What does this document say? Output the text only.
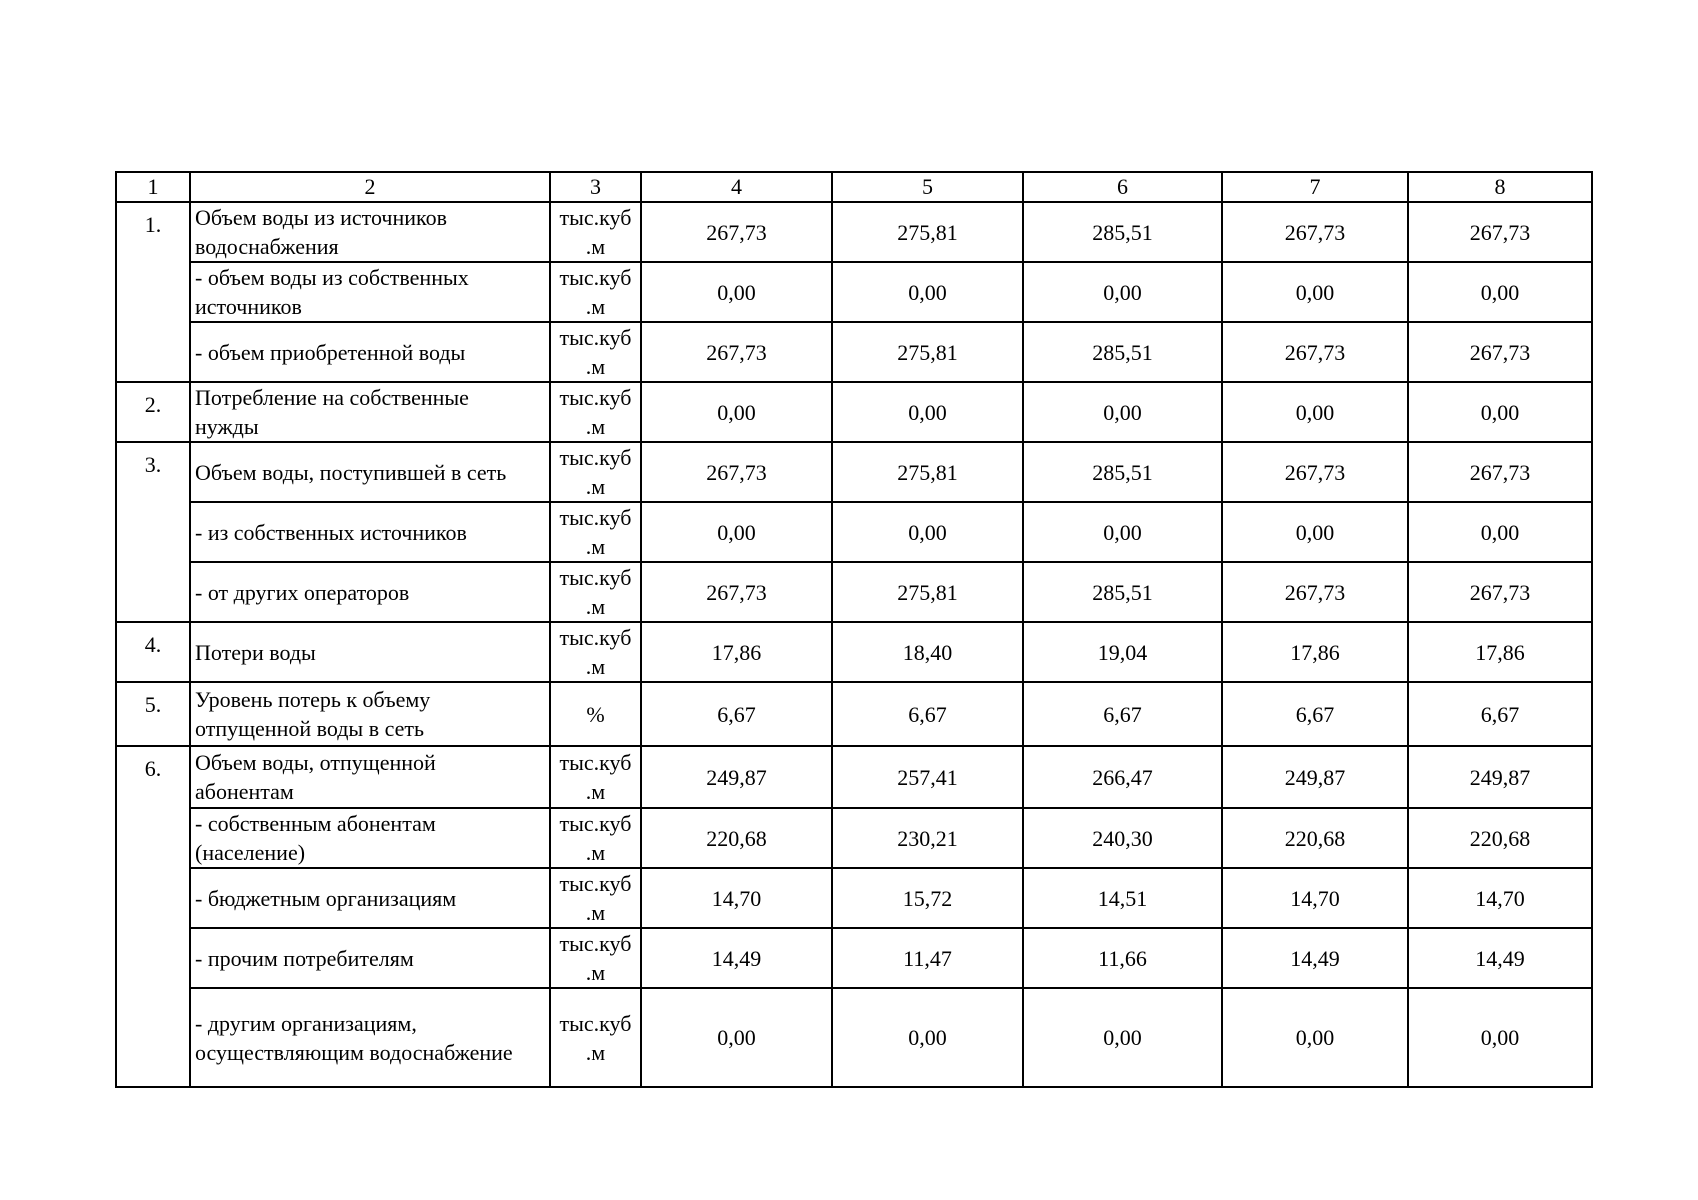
1	2	3	4	5	6	7	8
1.	Объем воды из источников
водоснабжения	тыс.куб
.м	267,73	275,81	285,51	267,73	267,73
	- объем воды из собственных
источников	тыс.куб
.м	0,00	0,00	0,00	0,00	0,00
	- объем приобретенной воды	тыс.куб
.м	267,73	275,81	285,51	267,73	267,73
2.	Потребление на собственные
нужды	тыс.куб
.м	0,00	0,00	0,00	0,00	0,00
3.	Объем воды, поступившей в сеть	тыс.куб
.м	267,73	275,81	285,51	267,73	267,73
	- из собственных источников	тыс.куб
.м	0,00	0,00	0,00	0,00	0,00
	- от других операторов	тыс.куб
.м	267,73	275,81	285,51	267,73	267,73
4.	Потери воды	тыс.куб
.м	17,86	18,40	19,04	17,86	17,86
5.	Уровень потерь к объему
отпущенной воды в сеть	%	6,67	6,67	6,67	6,67	6,67
6.	Объем воды, отпущенной
абонентам	тыс.куб
.м	249,87	257,41	266,47	249,87	249,87
	- собственным абонентам
(население)	тыс.куб
.м	220,68	230,21	240,30	220,68	220,68
	- бюджетным организациям	тыс.куб
.м	14,70	15,72	14,51	14,70	14,70
	- прочим потребителям	тыс.куб
.м	14,49	11,47	11,66	14,49	14,49
	- другим организациям,
осуществляющим водоснабжение	тыс.куб
.м	0,00	0,00	0,00	0,00	0,00
